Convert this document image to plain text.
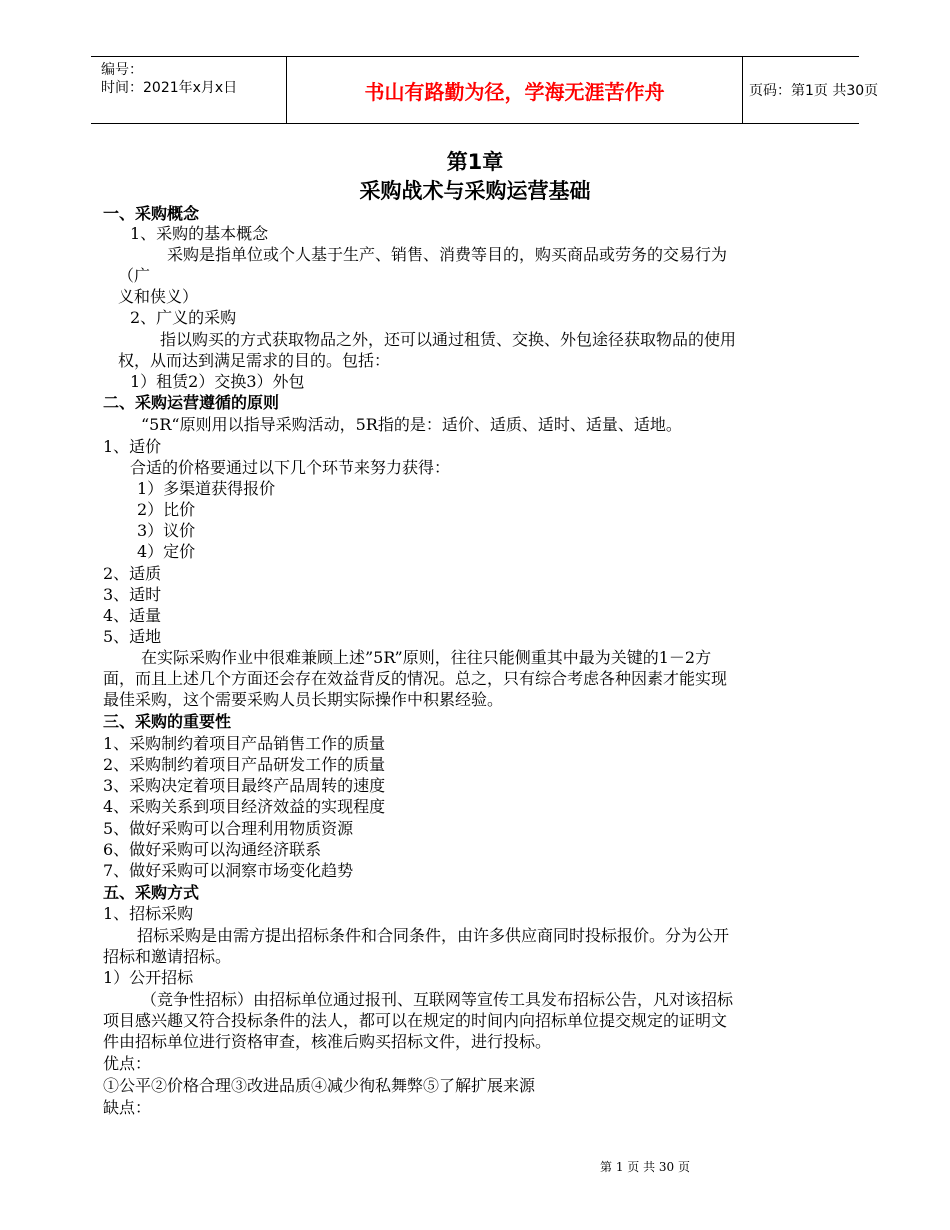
编号：
时间：2021年x月x日	书山有路勤为径，学海无涯苦作舟	页码：第1页 共30页
第1章
采购战术与采购运营基础
一、采购概念
1、采购的基本概念
采购是指单位或个人基于生产、销售、消费等目的，购买商品或劳务的交易行为
（广
义和侠义）
2、广义的采购
指以购买的方式获取物品之外，还可以通过租赁、交换、外包途径获取物品的使用
权，从而达到满足需求的目的。包括：
1）租赁2）交换3）外包
二、采购运营遵循的原则
“5R“原则用以指导采购活动，5R指的是：适价、适质、适时、适量、适地。
1、适价
合适的价格要通过以下几个环节来努力获得：
1）多渠道获得报价
2）比价
3）议价
4）定价
2、适质
3、适时
4、适量
5、适地
在实际采购作业中很难兼顾上述”5R”原则，往往只能侧重其中最为关键的1－2方
面，而且上述几个方面还会存在效益背反的情况。总之，只有综合考虑各种因素才能实现
最佳采购，这个需要采购人员长期实际操作中积累经验。
三、采购的重要性
1、采购制约着项目产品销售工作的质量
2、采购制约着项目产品研发工作的质量
3、采购决定着项目最终产品周转的速度
4、采购关系到项目经济效益的实现程度
5、做好采购可以合理利用物质资源
6、做好采购可以沟通经济联系
7、做好采购可以洞察市场变化趋势
五、采购方式
1、招标采购
招标采购是由需方提出招标条件和合同条件，由许多供应商同时投标报价。分为公开
招标和邀请招标。
1）公开招标
（竞争性招标）由招标单位通过报刊、互联网等宣传工具发布招标公告，凡对该招标
项目感兴趣又符合投标条件的法人，都可以在规定的时间内向招标单位提交规定的证明文
件由招标单位进行资格审查，核准后购买招标文件，进行投标。
优点：
①公平②价格合理③改进品质④减少徇私舞弊⑤了解扩展来源
缺点：
第 1 页 共 30 页
